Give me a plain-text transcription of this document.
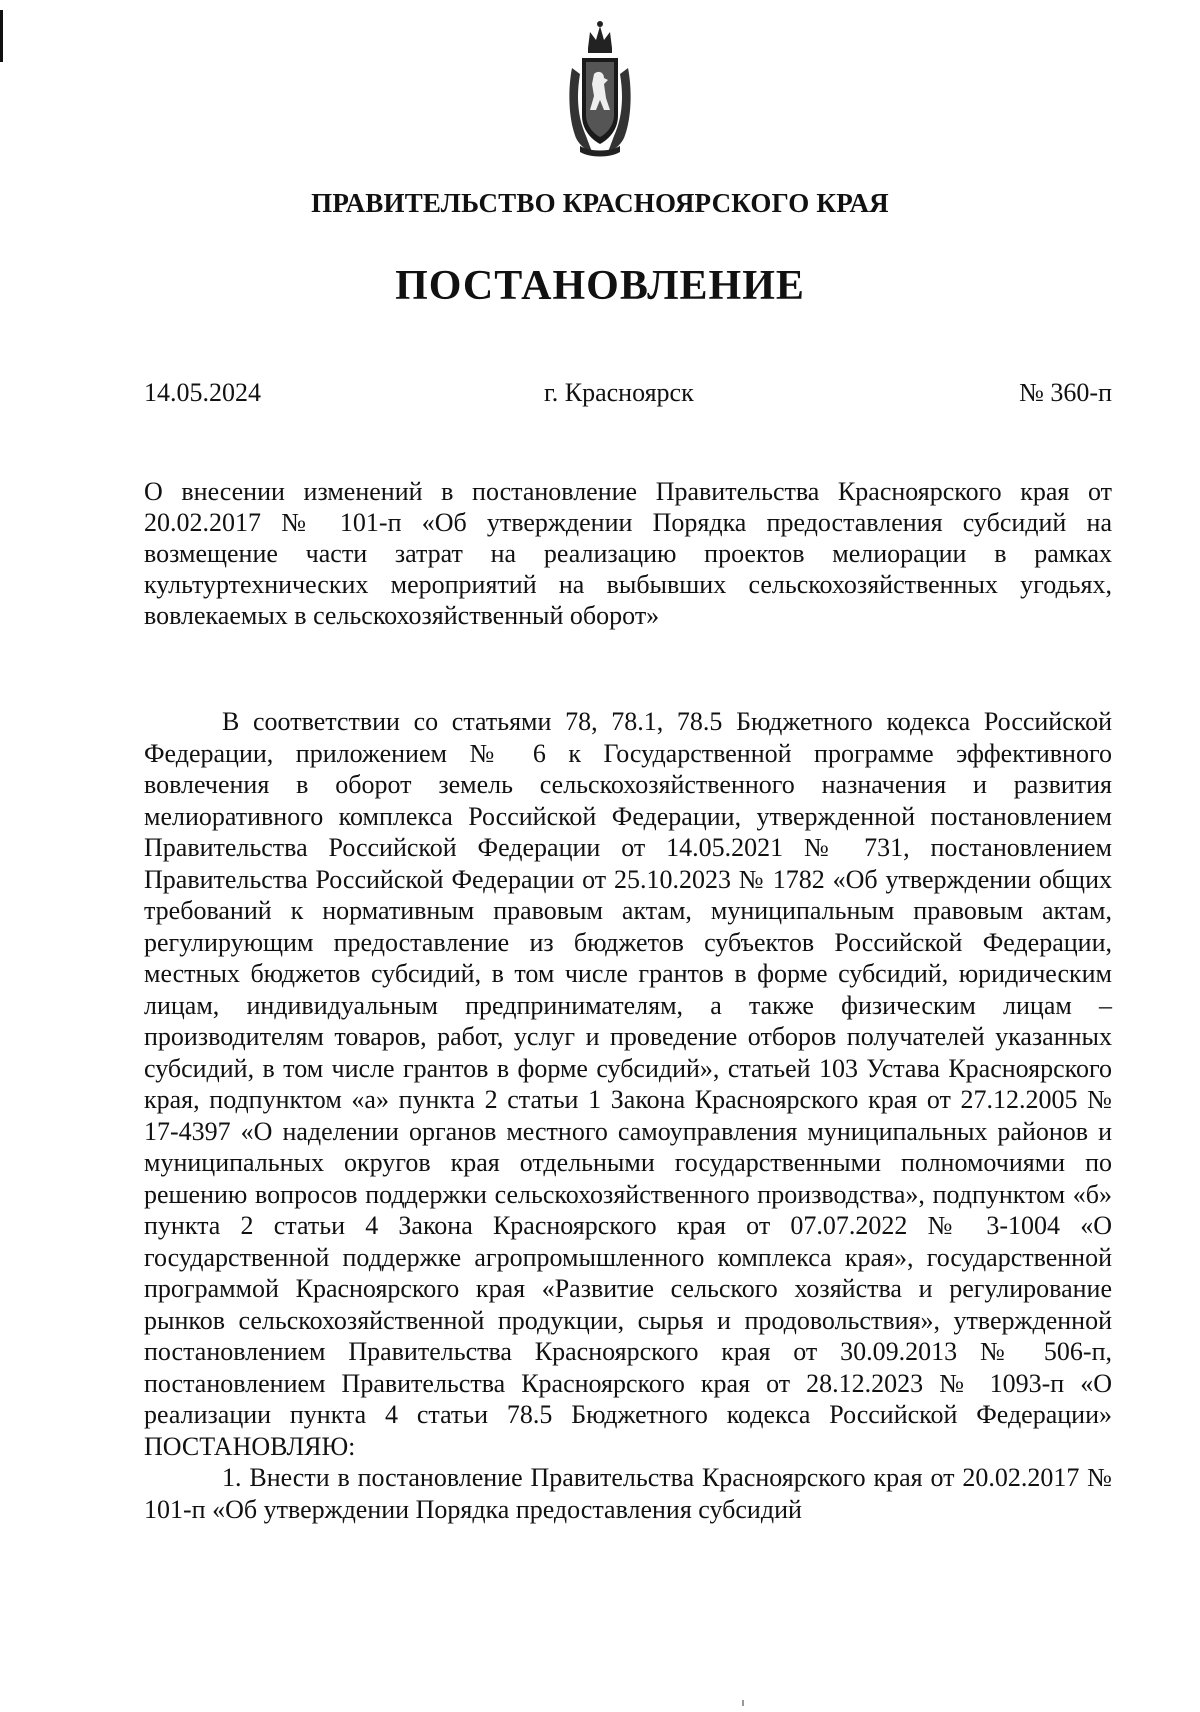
ПРАВИТЕЛЬСТВО КРАСНОЯРСКОГО КРАЯ
ПОСТАНОВЛЕНИЕ
14.05.2024	г. Красноярск	№ 360-п
О внесении изменений в постановление Правительства Красноярского края от 20.02.2017 № 101-п «Об утверждении Порядка предоставления субсидий на возмещение части затрат на реализацию проектов мелиорации в рамках культуртехнических мероприятий на выбывших сельскохозяйственных угодьях, вовлекаемых в сельскохозяйственный оборот»

В соответствии со статьями 78, 78.1, 78.5 Бюджетного кодекса Российской Федерации, приложением № 6 к Государственной программе эффективного вовлечения в оборот земель сельскохозяйственного назначения и развития мелиоративного комплекса Российской Федерации, утвержденной постановлением Правительства Российской Федерации от 14.05.2021 № 731, постановлением Правительства Российской Федерации от 25.10.2023 № 1782 «Об утверждении общих требований к нормативным правовым актам, муниципальным правовым актам, регулирующим предоставление из бюджетов субъектов Российской Федерации, местных бюджетов субсидий, в том числе грантов в форме субсидий, юридическим лицам, индивидуальным предпринимателям, а также физическим лицам – производителям товаров, работ, услуг и проведение отборов получателей указанных субсидий, в том числе грантов в форме субсидий», статьей 103 Устава Красноярского края, подпунктом «а» пункта 2 статьи 1 Закона Красноярского края от 27.12.2005 № 17-4397 «О наделении органов местного самоуправления муниципальных районов и муниципальных округов края отдельными государственными полномочиями по решению вопросов поддержки сельскохозяйственного производства», подпунктом «б» пункта 2 статьи 4 Закона Красноярского края от 07.07.2022 № 3-1004 «О государственной поддержке агропромышленного комплекса края», государственной программой Красноярского края «Развитие сельского хозяйства и регулирование рынков сельскохозяйственной продукции, сырья и продовольствия», утвержденной постановлением Правительства Красноярского края от 30.09.2013 № 506-п, постановлением Правительства Красноярского края от 28.12.2023 № 1093-п «О реализации пункта 4 статьи 78.5 Бюджетного кодекса Российской Федерации» ПОСТАНОВЛЯЮ:

1. Внести в постановление Правительства Красноярского края от 20.02.2017 № 101-п «Об утверждении Порядка предоставления субсидий
